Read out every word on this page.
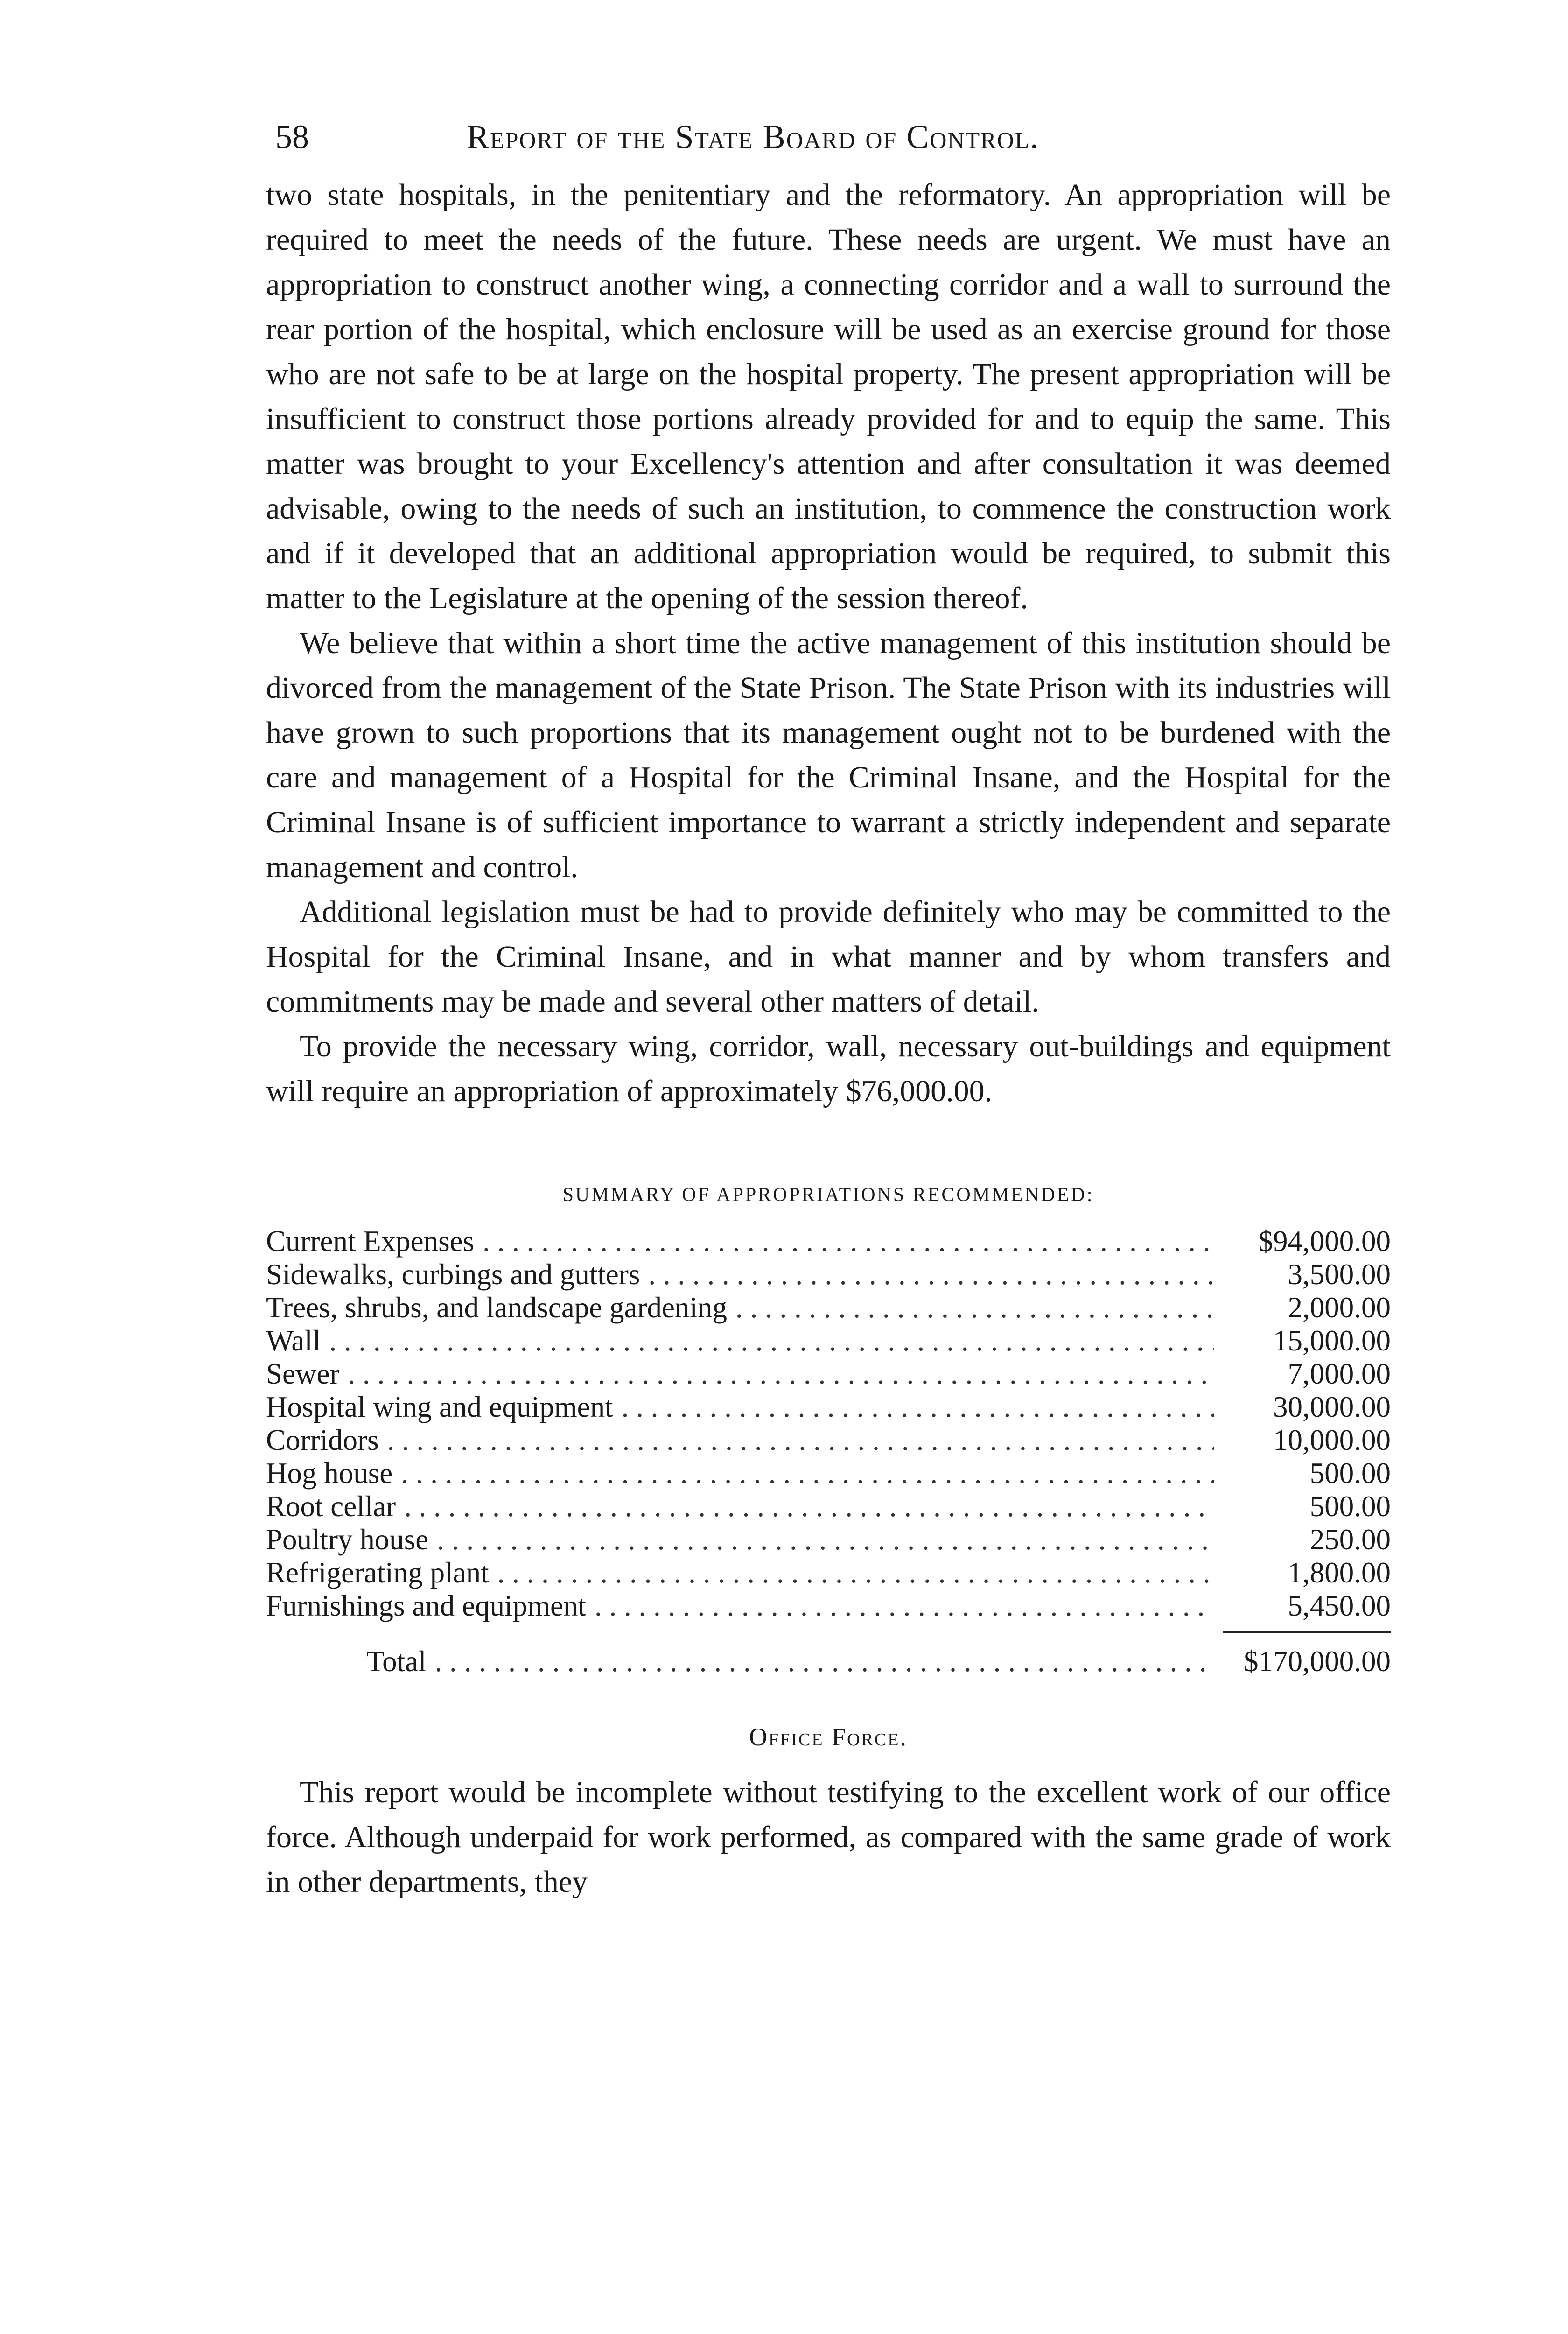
58	Report of the State Board of Control.

two state hospitals, in the penitentiary and the reformatory. An appropriation will be required to meet the needs of the future. These needs are urgent. We must have an appropriation to construct another wing, a connecting corridor and a wall to surround the rear portion of the hospital, which enclosure will be used as an exercise ground for those who are not safe to be at large on the hospital property. The present appropriation will be insufficient to construct those portions already provided for and to equip the same. This matter was brought to your Excellency's attention and after consultation it was deemed advisable, owing to the needs of such an institution, to commence the construction work and if it developed that an additional appropriation would be required, to submit this matter to the Legislature at the opening of the session thereof.

We believe that within a short time the active management of this institution should be divorced from the management of the State Prison. The State Prison with its industries will have grown to such proportions that its management ought not to be burdened with the care and management of a Hospital for the Criminal Insane, and the Hospital for the Criminal Insane is of sufficient importance to warrant a strictly independent and separate management and control.

Additional legislation must be had to provide definitely who may be committed to the Hospital for the Criminal Insane, and in what manner and by whom transfers and commitments may be made and several other matters of detail.

To provide the necessary wing, corridor, wall, necessary out-buildings and equipment will require an appropriation of approximately $76,000.00.

SUMMARY OF APPROPRIATIONS RECOMMENDED:
Current Expenses . . .	$94,000.00
Sidewalks, curbings and gutters . . .	3,500.00
Trees, shrubs, and landscape gardening . . .	2,000.00
Wall . . .	15,000.00
Sewer . . .	7,000.00
Hospital wing and equipment . . .	30,000.00
Corridors . . .	10,000.00
Hog house . . .	500.00
Root cellar . . .	500.00
Poultry house . . .	250.00
Refrigerating plant . . .	1,800.00
Furnishings and equipment . . .	5,450.00
Total . . .	$170,000.00
Office Force.

This report would be incomplete without testifying to the excellent work of our office force. Although underpaid for work performed, as compared with the same grade of work in other departments, they
